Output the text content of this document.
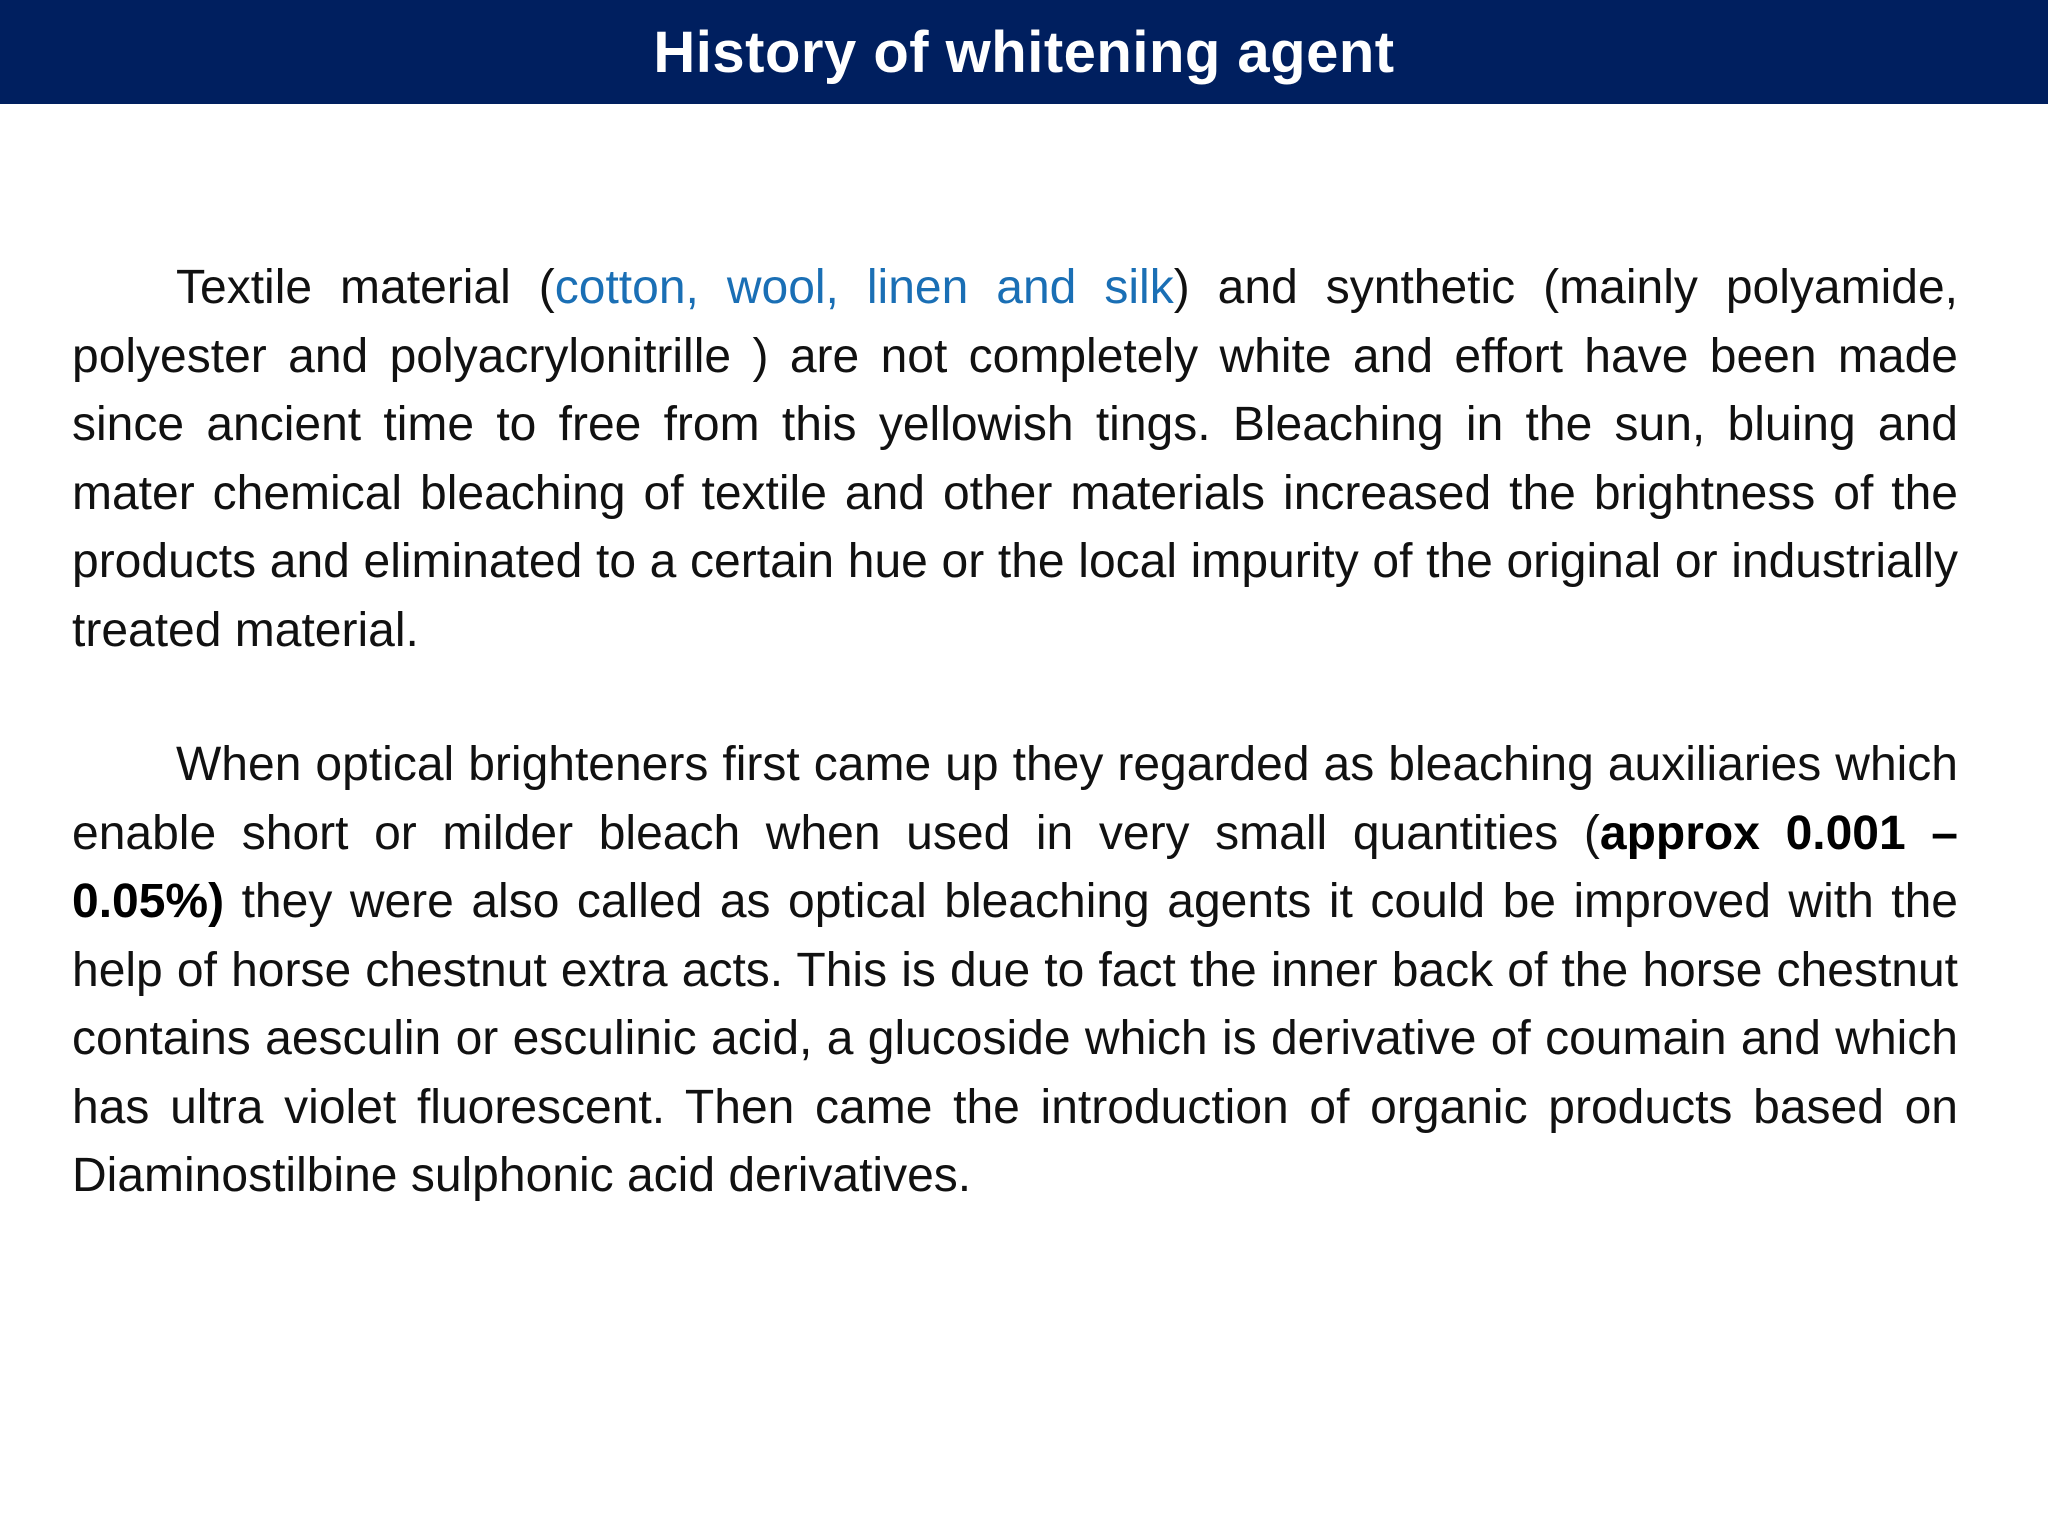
History of whitening agent

Textile material (cotton, wool, linen and silk) and synthetic (mainly polyamide, polyester and polyacrylonitrille ) are not completely white and effort have been made since ancient time to free from this yellowish tings. Bleaching in the sun, bluing and mater chemical bleaching of textile and other materials increased the brightness of the products and eliminated to a certain hue or the local impurity of the original or industrially treated material.

When optical brighteners first came up they regarded as bleaching auxiliaries which enable short or milder bleach when used in very small quantities (approx 0.001 – 0.05%) they were also called as optical bleaching agents it could be improved with the help of horse chestnut extra acts. This is due to fact the inner back of the horse chestnut contains aesculin or esculinic acid, a glucoside which is derivative of coumain and which has ultra violet fluorescent. Then came the introduction of organic products based on Diaminostilbine sulphonic acid derivatives.
